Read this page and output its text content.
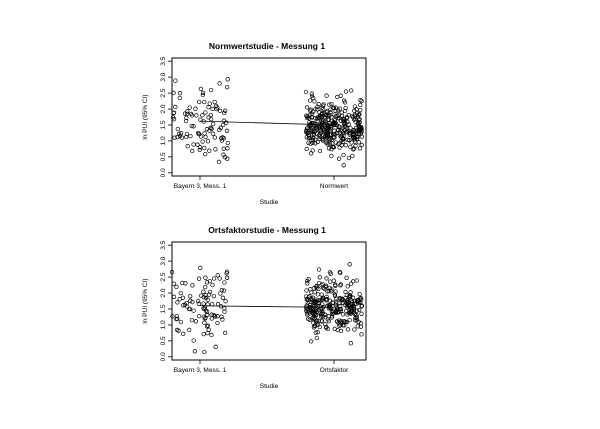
Normwertstudie - Messung 1
ln PUI (95% CI)
Studie
Bayern 3, Mess. 1	Normwert
0.0
0.5
1.0
1.5
2.0
2.5
3.0
3.5
Ortsfaktorstudie - Messung 1
ln PUI (95% CI)
Studie
Bayern 3, Mess. 1	Ortsfaktor
0.0
0.5
1.0
1.5
2.0
2.5
3.0
3.5
